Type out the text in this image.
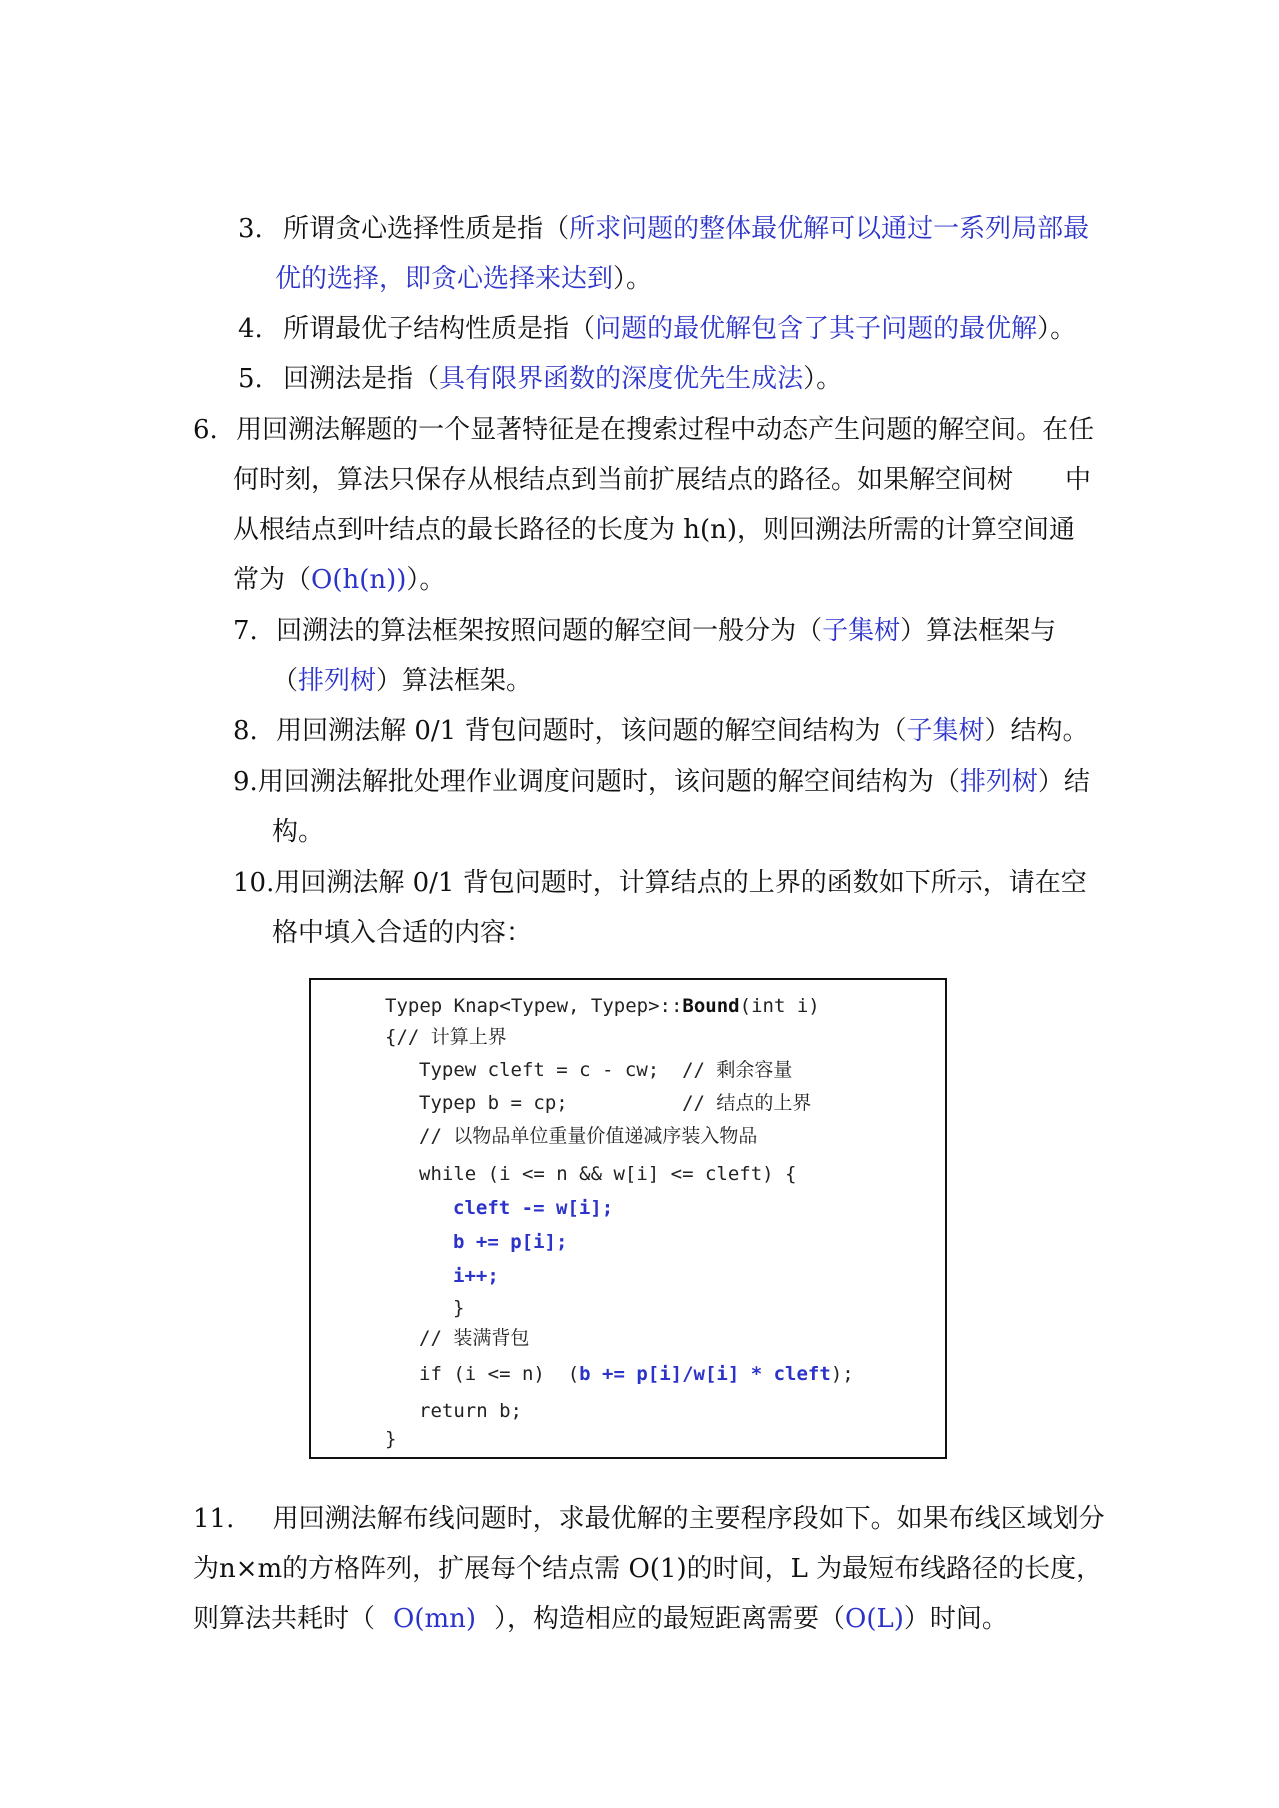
3. 所谓贪心选择性质是指（所求问题的整体最优解可以通过一系列局部最
优的选择，即贪心选择来达到）。
4. 所谓最优子结构性质是指（问题的最优解包含了其子问题的最优解）。
5. 回溯法是指（具有限界函数的深度优先生成法）。
6. 用回溯法解题的一个显著特征是在搜索过程中动态产生问题的解空间。在任
何时刻，算法只保存从根结点到当前扩展结点的路径。如果解空间树　　中
从根结点到叶结点的最长路径的长度为 h(n)，则回溯法所需的计算空间通
常为（O(h(n))）。
7. 回溯法的算法框架按照问题的解空间一般分为（子集树）算法框架与
（排列树）算法框架。
8. 用回溯法解 0/1 背包问题时，该问题的解空间结构为（子集树）结构。
9.用回溯法解批处理作业调度问题时，该问题的解空间结构为（排列树）结
构。
10.用回溯法解 0/1 背包问题时，计算结点的上界的函数如下所示，请在空
格中填入合适的内容：
Typep Knap<Typew, Typep>::Bound(int i)
{// 计算上界
Typew cleft = c - cw;  // 剩余容量
Typep b = cp;          // 结点的上界
// 以物品单位重量价值递减序装入物品
while (i <= n && w[i] <= cleft) {
cleft -= w[i];
b += p[i];
i++;
}
// 装满背包
if (i <= n)  (b += p[i]/w[i] * cleft);
return b;
}
11. 用回溯法解布线问题时，求最优解的主要程序段如下。如果布线区域划分
为n×m的方格阵列，扩展每个结点需 O(1)的时间，L 为最短布线路径的长度，
则算法共耗时（ O(mn) ），构造相应的最短距离需要（O(L)）时间。
